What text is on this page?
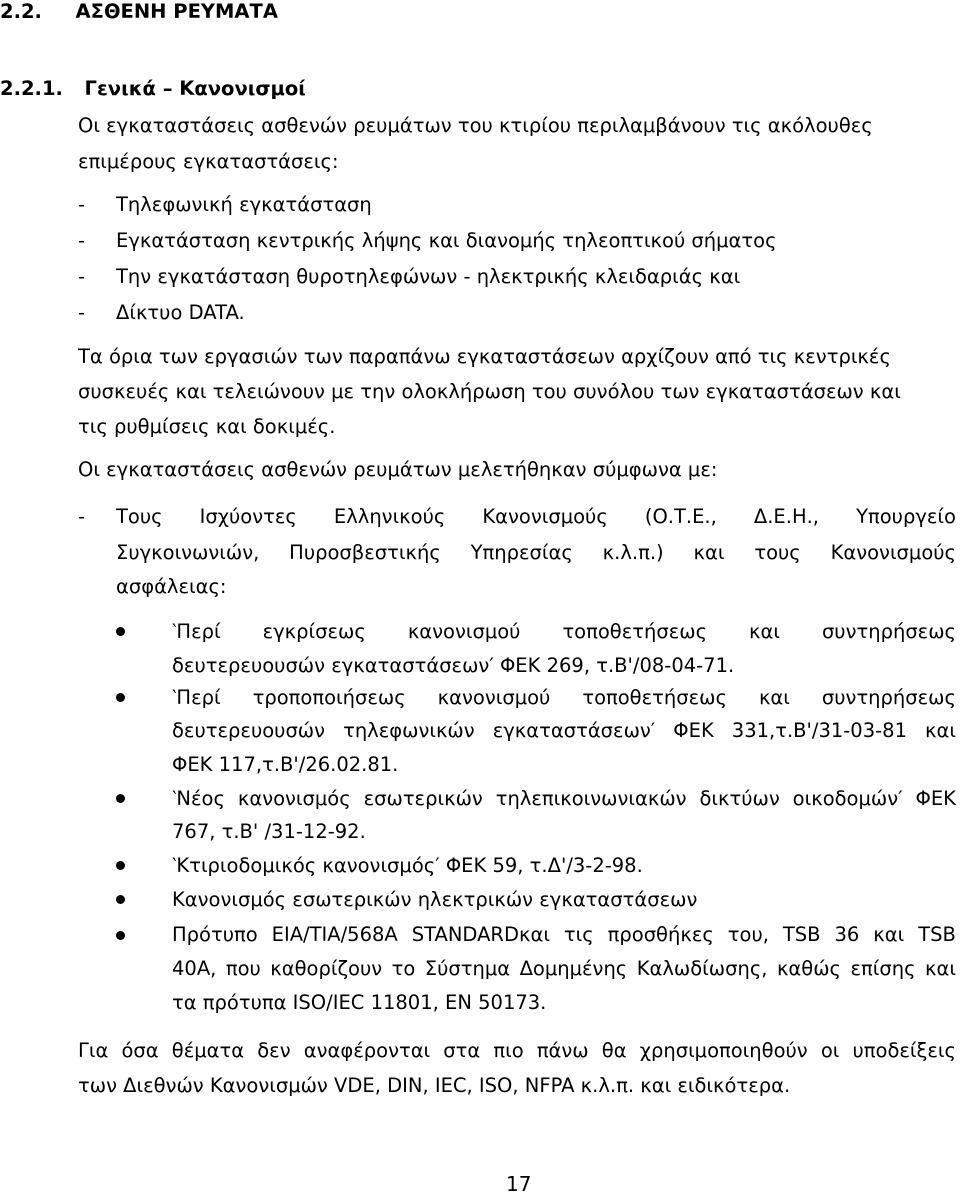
2.2. ΑΣΘΕΝΗ ΡΕΥΜΑΤΑ
2.2.1. Γενικά – Κανονισμοί
Οι εγκαταστάσεις ασθενών ρευμάτων του κτιρίου περιλαμβάνουν τις ακόλουθες
επιμέρους εγκαταστάσεις:
- Τηλεφωνική εγκατάσταση
- Εγκατάσταση κεντρικής λήψης και διανομής τηλεοπτικού σήματος
- Την εγκατάσταση θυροτηλεφώνων - ηλεκτρικής κλειδαριάς και
- Δίκτυο DATA.
Τα όρια των εργασιών των παραπάνω εγκαταστάσεων αρχίζουν από τις κεντρικές
συσκευές και τελειώνουν με την ολοκλήρωση του συνόλου των εγκαταστάσεων και
τις ρυθμίσεις και δοκιμές.
Οι εγκαταστάσεις ασθενών ρευμάτων μελετήθηκαν σύμφωνα με:
- Τους Ισχύοντες Ελληνικούς Κανονισμούς (Ο.Τ.Ε., Δ.Ε.Η., Υπουργείο
Συγκοινωνιών, Πυροσβεστικής Υπηρεσίας κ.λ.π.) και τους Κανονισμούς
ασφάλειας:
‵Περί εγκρίσεως κανονισμού τοποθετήσεως και συντηρήσεως
δευτερευουσών εγκαταστάσεων′ ΦΕΚ 269, τ.Β'/08-04-71.
‵Περί τροποποιήσεως κανονισμού τοποθετήσεως και συντηρήσεως
δευτερευουσών τηλεφωνικών εγκαταστάσεων′ ΦΕΚ 331,τ.Β'/31-03-81 και
ΦΕΚ 117,τ.Β'/26.02.81.
‵Νέος κανονισμός εσωτερικών τηλεπικοινωνιακών δικτύων οικοδομών′ ΦΕΚ
767, τ.Β' /31-12-92.
‵Κτιριοδομικός κανονισμός′ ΦΕΚ 59, τ.Δ'/3-2-98.
Κανονισμός εσωτερικών ηλεκτρικών εγκαταστάσεων
Πρότυπο ΕΙΑ/ΤΙΑ/568Α STANDARDκαι τις προσθήκες του, TSB 36 και TSB
40Α, που καθορίζουν το Σύστημα Δομημένης Καλωδίωσης, καθώς επίσης και
τα πρότυπα ISO/IEC 11801, ΕΝ 50173.
Για όσα θέματα δεν αναφέρονται στα πιο πάνω θα χρησιμοποιηθούν οι υποδείξεις
των Διεθνών Κανονισμών VDE, DIN, IEC, ISO, NFPA κ.λ.π. και ειδικότερα.
17
